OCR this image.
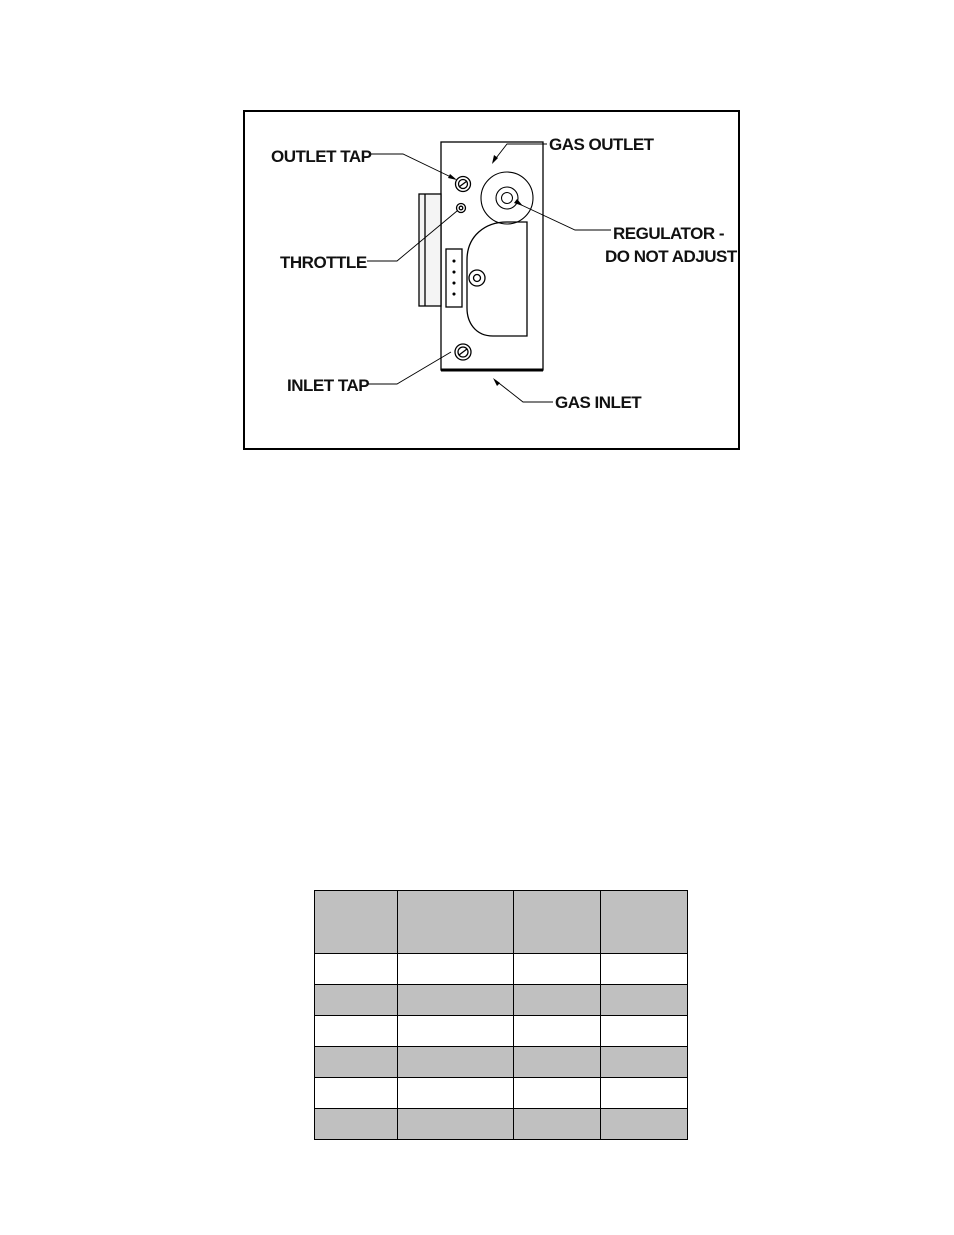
OUTLET TAP
GAS OUTLET
THROTTLE
REGULATOR -
DO NOT ADJUST
INLET TAP
GAS INLET
